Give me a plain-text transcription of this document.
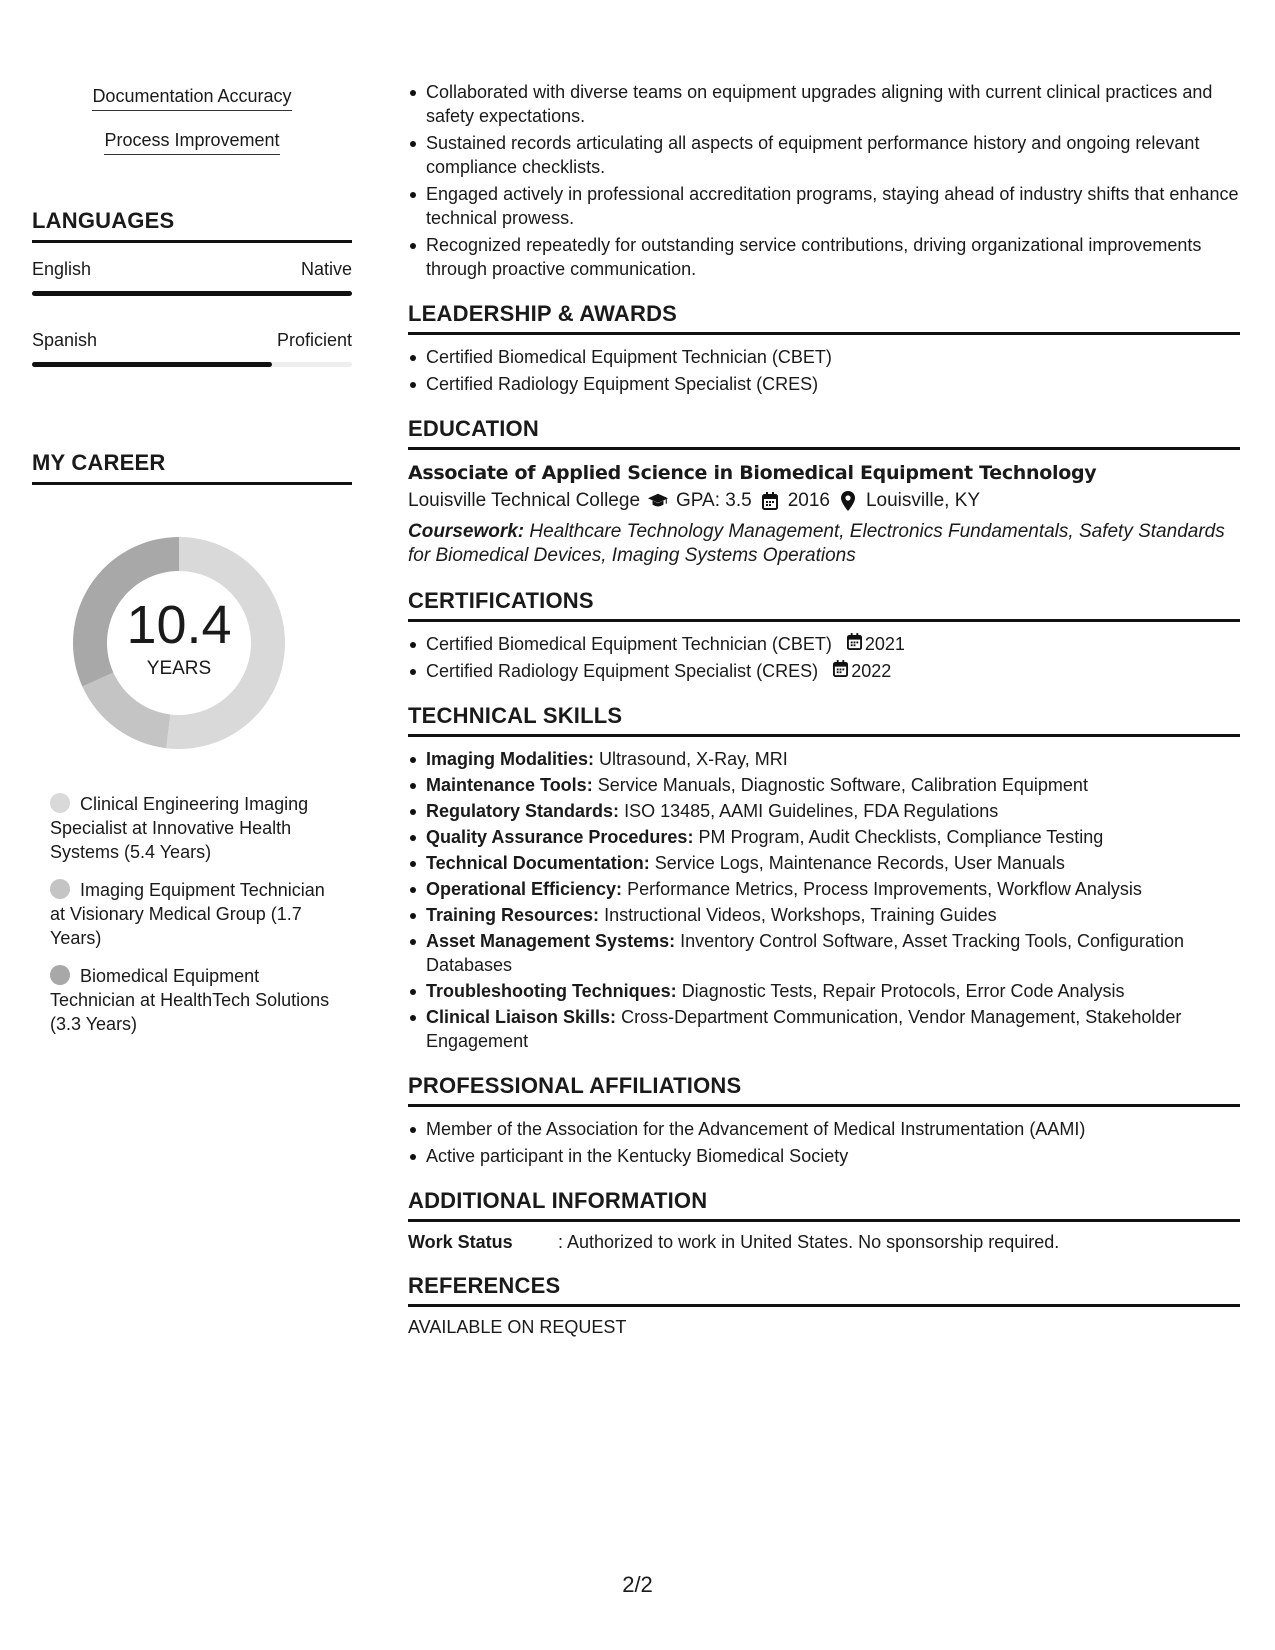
Documentation Accuracy
Process Improvement
LANGUAGES
English	Native
Spanish	Proficient
MY CAREER
10.4
YEARS
Clinical Engineering Imaging Specialist at Innovative Health Systems (5.4 Years)
Imaging Equipment Technician at Visionary Medical Group (1.7 Years)
Biomedical Equipment Technician at HealthTech Solutions (3.3 Years)
Collaborated with diverse teams on equipment upgrades aligning with current clinical practices and safety expectations.
Sustained records articulating all aspects of equipment performance history and ongoing relevant compliance checklists.
Engaged actively in professional accreditation programs, staying ahead of industry shifts that enhance technical prowess.
Recognized repeatedly for outstanding service contributions, driving organizational improvements through proactive communication.
LEADERSHIP & AWARDS
Certified Biomedical Equipment Technician (CBET)
Certified Radiology Equipment Specialist (CRES)
EDUCATION
Associate of Applied Science in Biomedical Equipment Technology
Louisville Technical College GPA: 3.5 2016 Louisville, KY
Coursework: Healthcare Technology Management, Electronics Fundamentals, Safety Standards for Biomedical Devices, Imaging Systems Operations
CERTIFICATIONS
Certified Biomedical Equipment Technician (CBET) 2021
Certified Radiology Equipment Specialist (CRES) 2022
TECHNICAL SKILLS
Imaging Modalities: Ultrasound, X-Ray, MRI
Maintenance Tools: Service Manuals, Diagnostic Software, Calibration Equipment
Regulatory Standards: ISO 13485, AAMI Guidelines, FDA Regulations
Quality Assurance Procedures: PM Program, Audit Checklists, Compliance Testing
Technical Documentation: Service Logs, Maintenance Records, User Manuals
Operational Efficiency: Performance Metrics, Process Improvements, Workflow Analysis
Training Resources: Instructional Videos, Workshops, Training Guides
Asset Management Systems: Inventory Control Software, Asset Tracking Tools, Configuration Databases
Troubleshooting Techniques: Diagnostic Tests, Repair Protocols, Error Code Analysis
Clinical Liaison Skills: Cross-Department Communication, Vendor Management, Stakeholder Engagement
PROFESSIONAL AFFILIATIONS
Member of the Association for the Advancement of Medical Instrumentation (AAMI)
Active participant in the Kentucky Biomedical Society
ADDITIONAL INFORMATION
Work Status	: Authorized to work in United States. No sponsorship required.
REFERENCES
AVAILABLE ON REQUEST
2/2
